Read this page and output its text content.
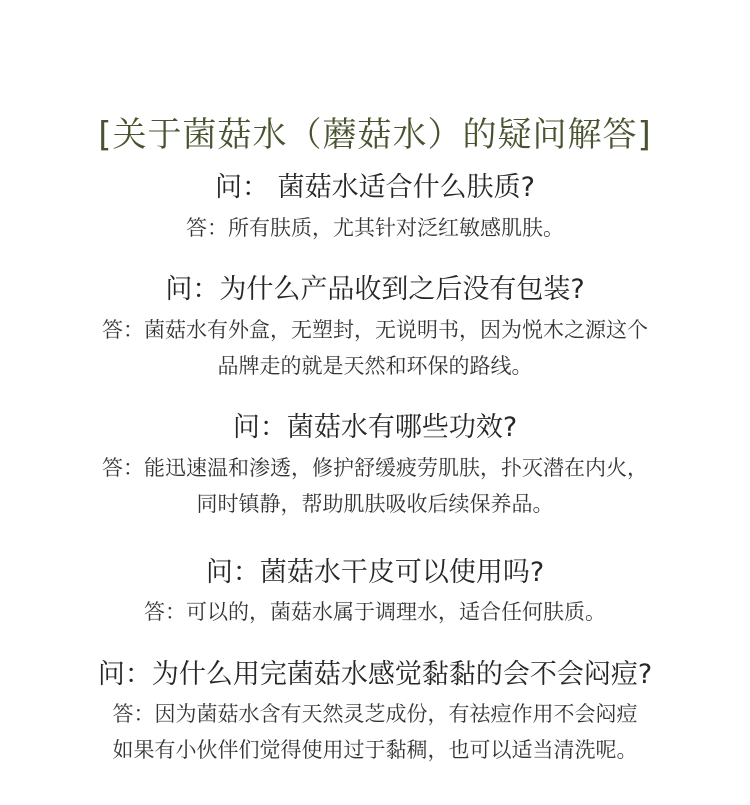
[关于菌菇水（蘑菇水）的疑问解答]
问： 菌菇水适合什么肤质?
答：所有肤质，尤其针对泛红敏感肌肤。
问：为什么产品收到之后没有包装?
答：菌菇水有外盒，无塑封，无说明书，因为悦木之源这个
品牌走的就是天然和环保的路线。
问：菌菇水有哪些功效?
答：能迅速温和渗透，修护舒缓疲劳肌肤，扑灭潜在内火，
同时镇静，帮助肌肤吸收后续保养品。
问：菌菇水干皮可以使用吗?
答：可以的，菌菇水属于调理水，适合任何肤质。
问：为什么用完菌菇水感觉黏黏的会不会闷痘?
答：因为菌菇水含有天然灵芝成份，有祛痘作用不会闷痘
如果有小伙伴们觉得使用过于黏稠，也可以适当清洗呢。
